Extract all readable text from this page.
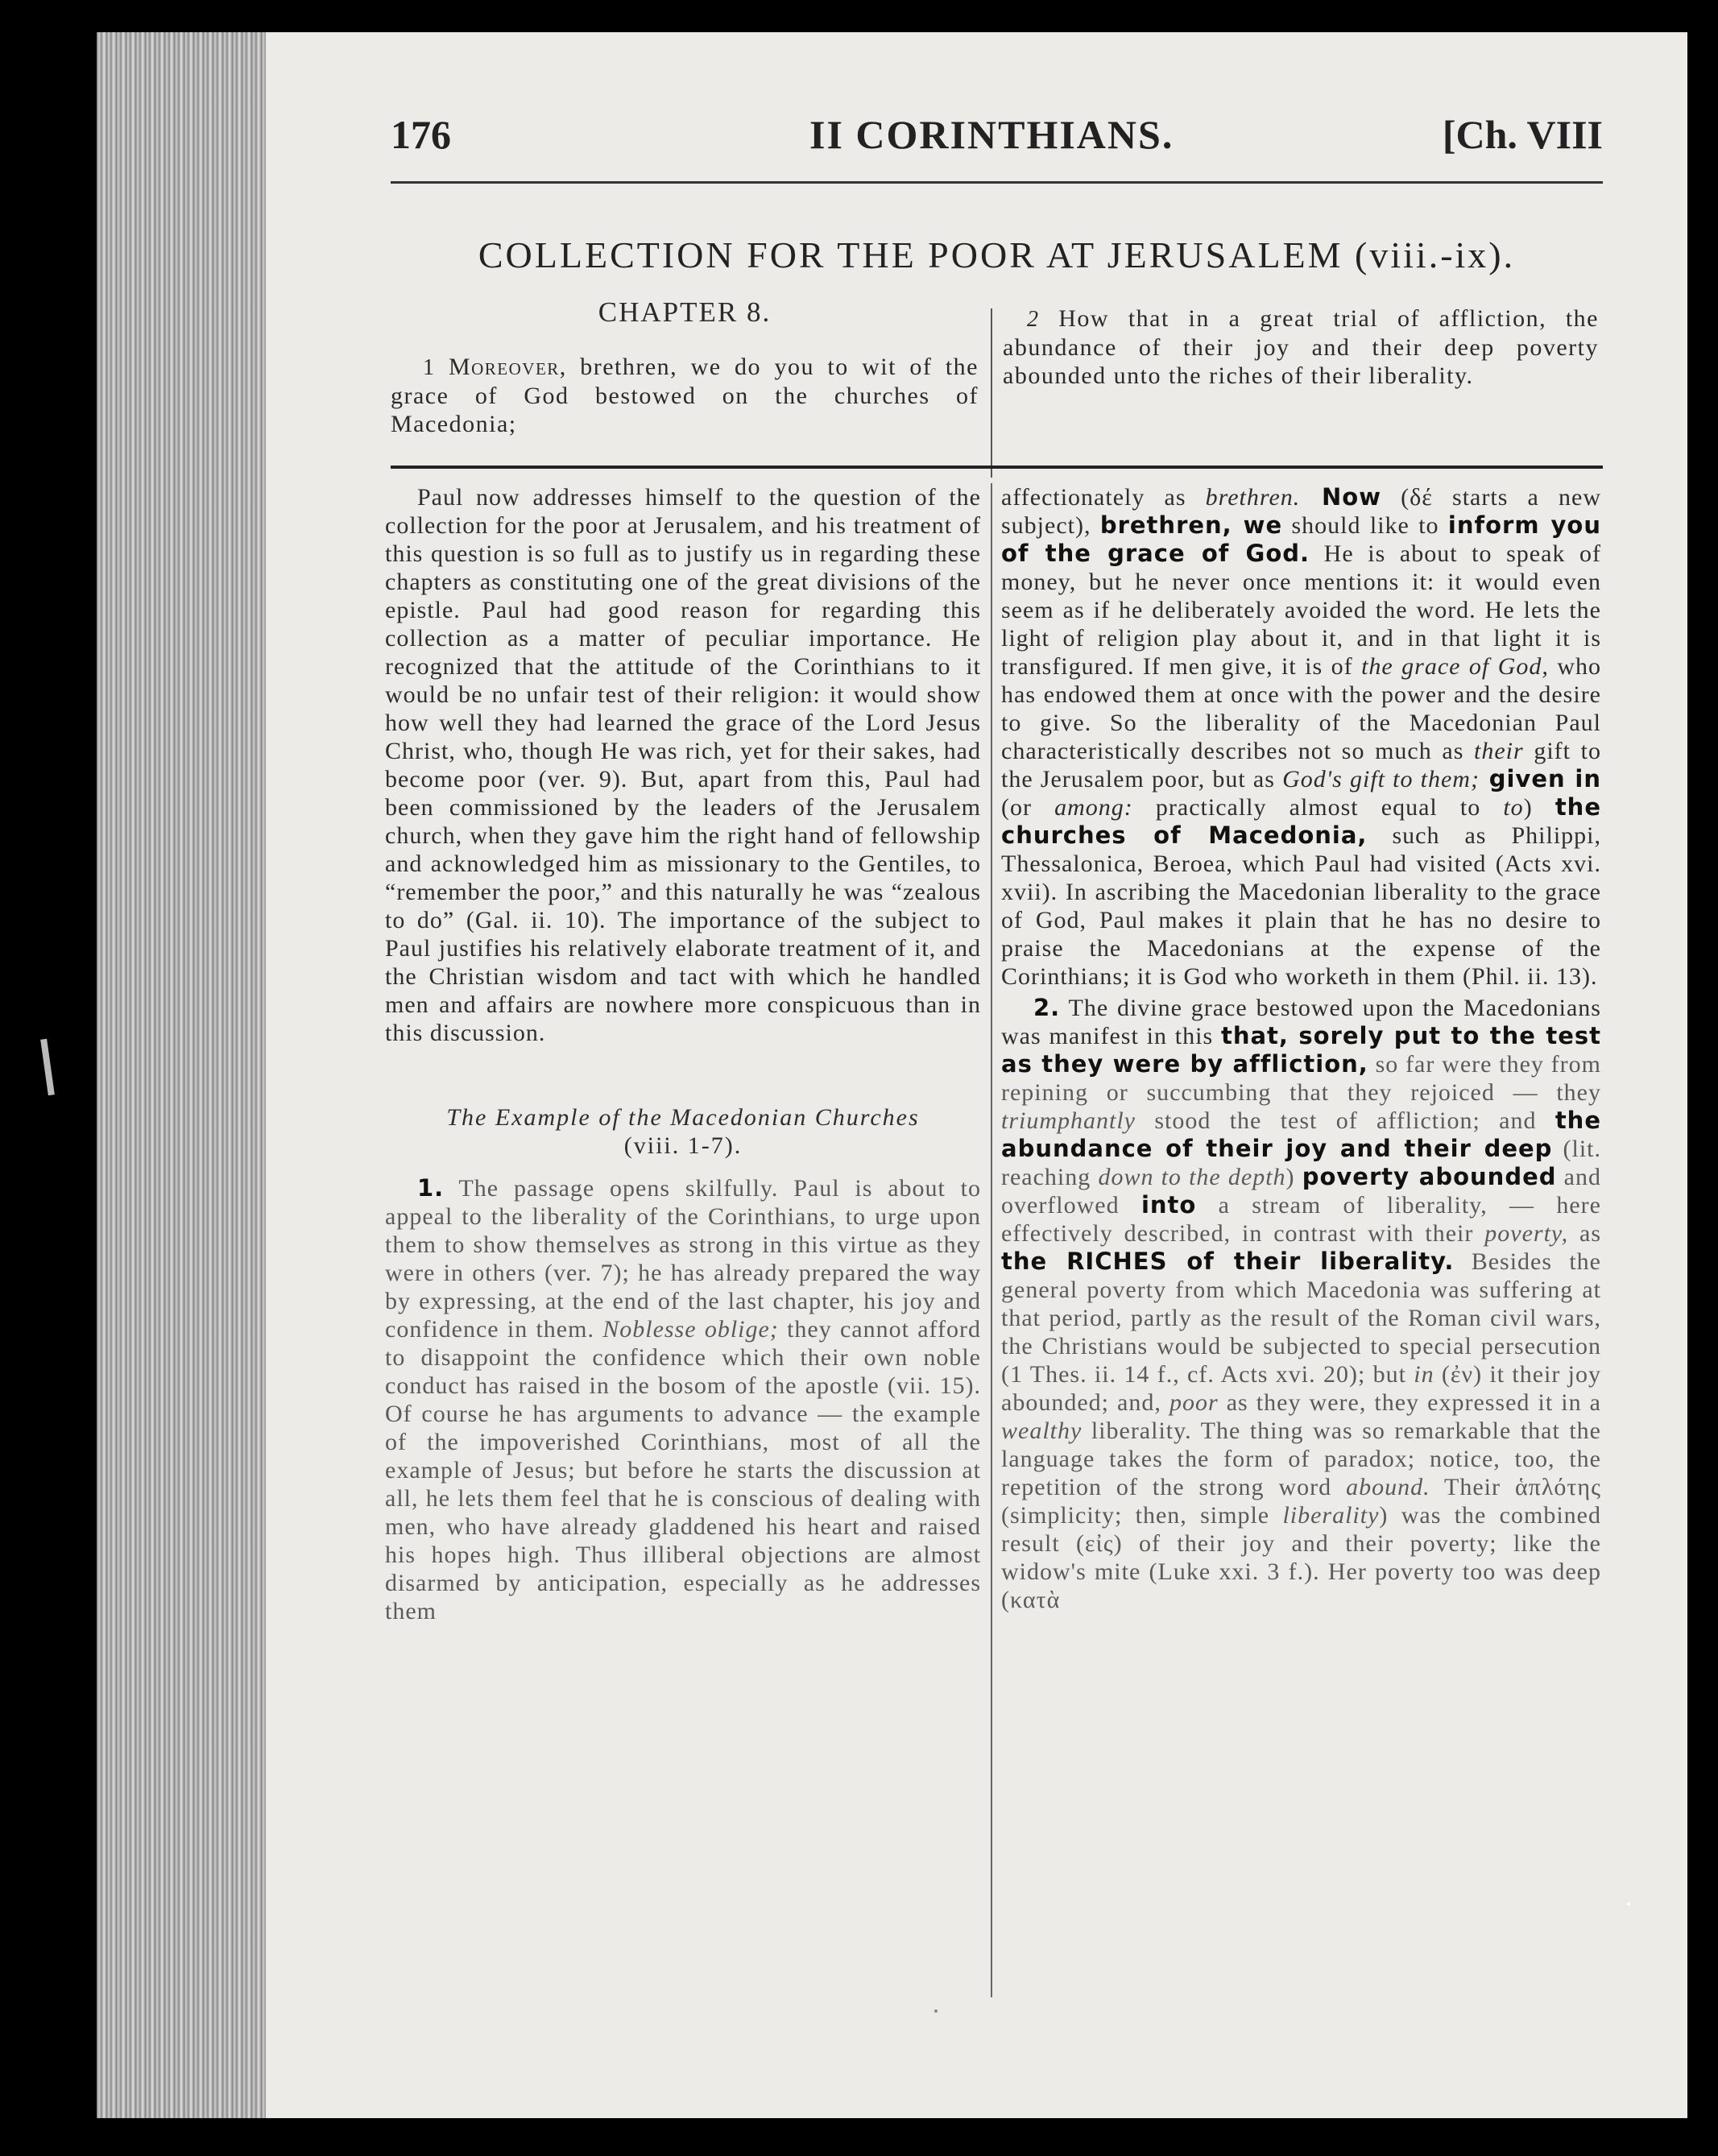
176	II CORINTHIANS.	[Ch. VIII
COLLECTION FOR THE POOR AT JERUSALEM (viii.-ix).
CHAPTER 8.
1 Moreover, brethren, we do you to wit of the grace of God bestowed on the churches of Macedonia;
2 How that in a great trial of affliction, the abundance of their joy and their deep poverty abounded unto the riches of their liberality.

Paul now addresses himself to the question of the collection for the poor at Jerusalem, and his treatment of this question is so full as to justify us in regarding these chapters as constituting one of the great divisions of the epistle. Paul had good reason for regarding this collection as a matter of peculiar importance. He recognized that the attitude of the Corinthians to it would be no unfair test of their religion: it would show how well they had learned the grace of the Lord Jesus Christ, who, though He was rich, yet for their sakes, had become poor (ver. 9). But, apart from this, Paul had been commissioned by the leaders of the Jerusalem church, when they gave him the right hand of fellowship and acknowledged him as missionary to the Gentiles, to “remember the poor,” and this naturally he was “zealous to do” (Gal. ii. 10). The importance of the subject to Paul justifies his relatively elaborate treatment of it, and the Christian wisdom and tact with which he handled men and affairs are nowhere more conspicuous than in this discussion.

The Example of the Macedonian Churches
(viii. 1-7).

1. The passage opens skilfully. Paul is about to appeal to the liberality of the Corinthians, to urge upon them to show themselves as strong in this virtue as they were in others (ver. 7); he has already prepared the way by expressing, at the end of the last chapter, his joy and confidence in them. Noblesse oblige; they cannot afford to disappoint the confidence which their own noble conduct has raised in the bosom of the apostle (vii. 15). Of course he has arguments to advance — the example of the impoverished Corinthians, most of all the example of Jesus; but before he starts the discussion at all, he lets them feel that he is conscious of dealing with men, who have already gladdened his heart and raised his hopes high. Thus illiberal objections are almost disarmed by anticipation, especially as he addresses them

affectionately as brethren. Now (δέ starts a new subject), brethren, we should like to inform you of the grace of God. He is about to speak of money, but he never once mentions it: it would even seem as if he deliberately avoided the word. He lets the light of religion play about it, and in that light it is transfigured. If men give, it is of the grace of God, who has endowed them at once with the power and the desire to give. So the liberality of the Macedonian Paul characteristically describes not so much as their gift to the Jerusalem poor, but as God's gift to them; given in (or among: practically almost equal to to) the churches of Macedonia, such as Philippi, Thessalonica, Beroea, which Paul had visited (Acts xvi. xvii). In ascribing the Macedonian liberality to the grace of God, Paul makes it plain that he has no desire to praise the Macedonians at the expense of the Corinthians; it is God who worketh in them (Phil. ii. 13).

2. The divine grace bestowed upon the Macedonians was manifest in this that, sorely put to the test as they were by affliction, so far were they from repining or succumbing that they rejoiced — they triumphantly stood the test of affliction; and the abundance of their joy and their deep (lit. reaching down to the depth) poverty abounded and overflowed into a stream of liberality, — here effectively described, in contrast with their poverty, as the RICHES of their liberality. Besides the general poverty from which Macedonia was suffering at that period, partly as the result of the Roman civil wars, the Christians would be subjected to special persecution (1 Thes. ii. 14 f., cf. Acts xvi. 20); but in (ἐν) it their joy abounded; and, poor as they were, they expressed it in a wealthy liberality. The thing was so remarkable that the language takes the form of paradox; notice, too, the repetition of the strong word abound. Their ἁπλότης (simplicity; then, simple liberality) was the combined result (εἰς) of their joy and their poverty; like the widow's mite (Luke xxi. 3 f.). Her poverty too was deep (κατὰ
